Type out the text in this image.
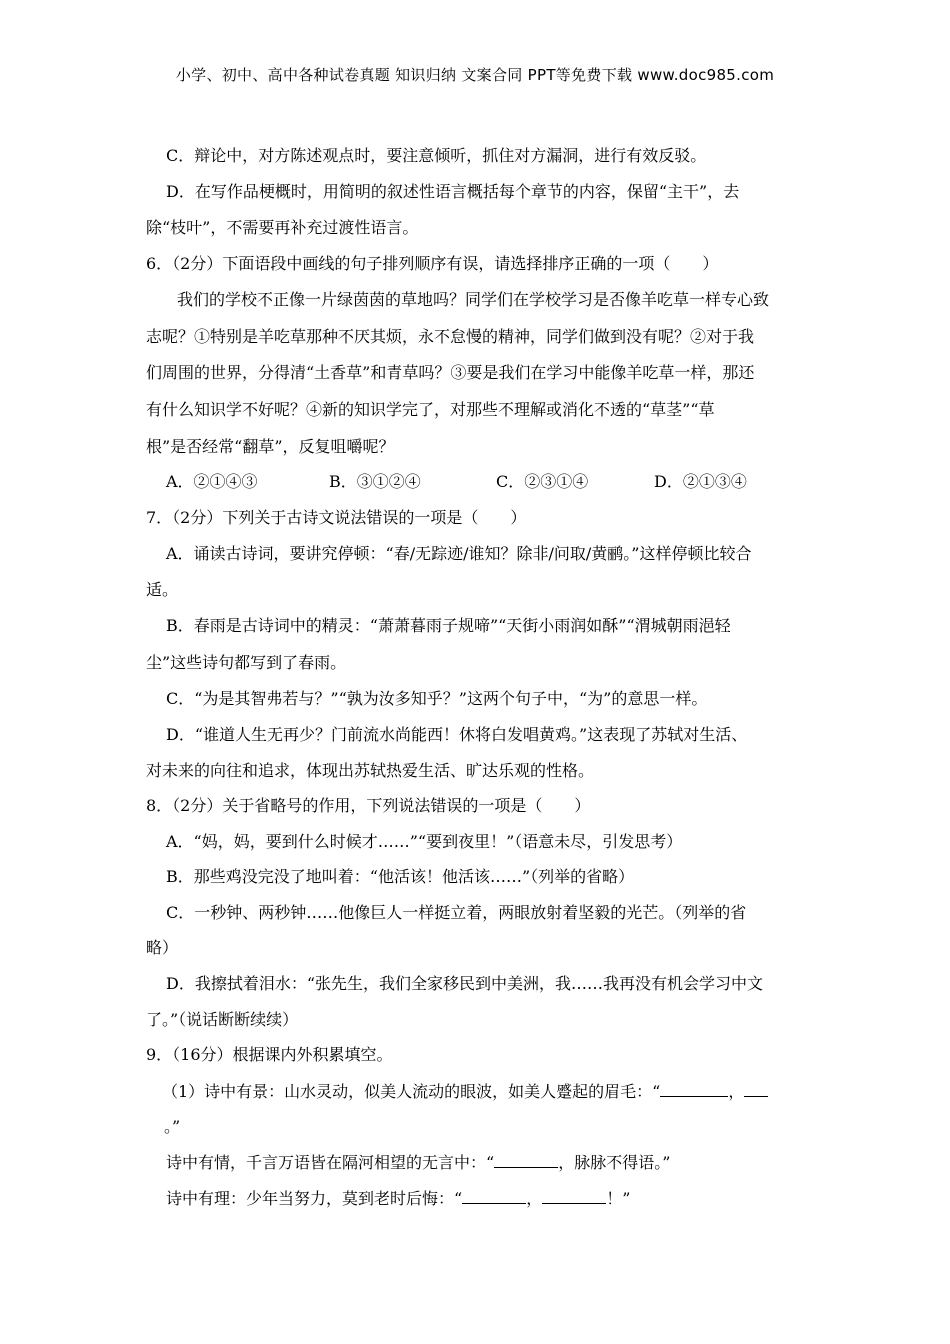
小学、初中、高中各种试卷真题 知识归纳 文案合同 PPT等免费下载 www.doc985.com
C．辩论中，对方陈述观点时，要注意倾听，抓住对方漏洞，进行有效反驳。
D．在写作品梗概时，用简明的叙述性语言概括每个章节的内容，保留“主干”，去
除“枝叶”，不需要再补充过渡性语言。
6．（2分）下面语段中画线的句子排列顺序有误，请选择排序正确的一项（　　）
我们的学校不正像一片绿茵茵的草地吗？同学们在学校学习是否像羊吃草一样专心致
志呢？①特别是羊吃草那种不厌其烦，永不怠慢的精神，同学们做到没有呢？②对于我
们周围的世界，分得清“土香草”和青草吗？③要是我们在学习中能像羊吃草一样，那还
有什么知识学不好呢？④新的知识学完了，对那些不理解或消化不透的“草茎”“草
根”是否经常“翻草”，反复咀嚼呢？
A．②①④③	B．③①②④	C．②③①④	D．②①③④
7．（2分）下列关于古诗文说法错误的一项是（　　）
A．诵读古诗词，要讲究停顿：“春/无踪迹/谁知？除非/问取/黄鹂。”这样停顿比较合
适。
B．春雨是古诗词中的精灵：“萧萧暮雨子规啼”“天街小雨润如酥”“渭城朝雨浥轻
尘”这些诗句都写到了春雨。
C．“为是其智弗若与？”“孰为汝多知乎？”这两个句子中，“为”的意思一样。
D．“谁道人生无再少？门前流水尚能西！休将白发唱黄鸡。”这表现了苏轼对生活、
对未来的向往和追求，体现出苏轼热爱生活、旷达乐观的性格。
8．（2分）关于省略号的作用，下列说法错误的一项是（　　）
A．“妈，妈，要到什么时候才……”“要到夜里！”（语意未尽，引发思考）
B．那些鸡没完没了地叫着：“他活该！他活该……”（列举的省略）
C．一秒钟、两秒钟……他像巨人一样挺立着，两眼放射着坚毅的光芒。（列举的省
略）
D．我擦拭着泪水：“张先生，我们全家移民到中美洲，我……我再没有机会学习中文
了。”（说话断断续续）
9．（16分）根据课内外积累填空。
（1）诗中有景：山水灵动，似美人流动的眼波，如美人蹙起的眉毛：“	，
。”
诗中有情，千言万语皆在隔河相望的无言中：“	，脉脉不得语。”
诗中有理：少年当努力，莫到老时后悔：“	，	！”
